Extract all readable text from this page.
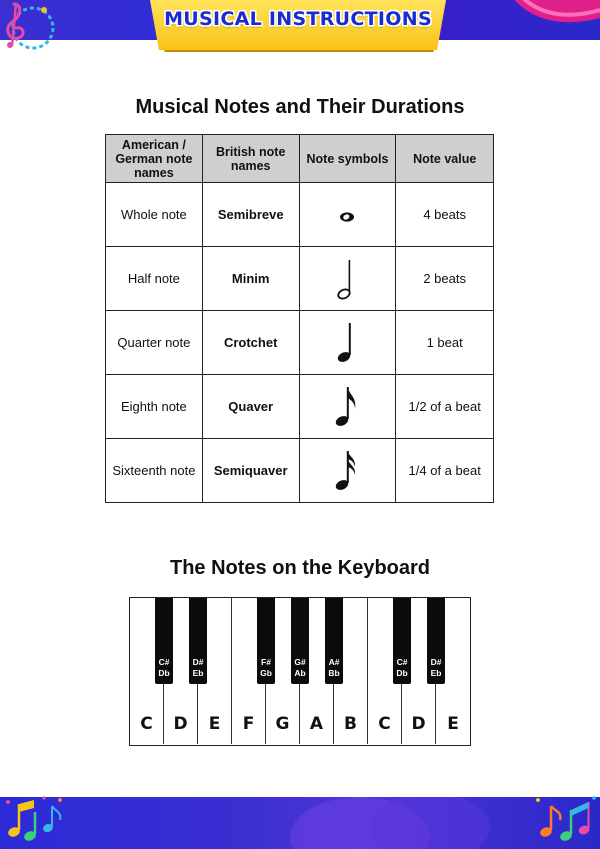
MUSICAL INSTRUCTIONS
Musical Notes and Their Durations
American / German note names	British note names	Note symbols	Note value
Whole note	Semibreve		4 beats
Half note	Minim		2 beats
Quarter note	Crotchet		1 beat
Eighth note	Quaver		1/2 of a beat
Sixteenth note	Semiquaver		1/4 of a beat
The Notes on the Keyboard
C	D	E	F	G	A	B	C	D	E
C#
Db
D#
Eb
F#
Gb
G#
Ab
A#
Bb
C#
Db
D#
Eb
